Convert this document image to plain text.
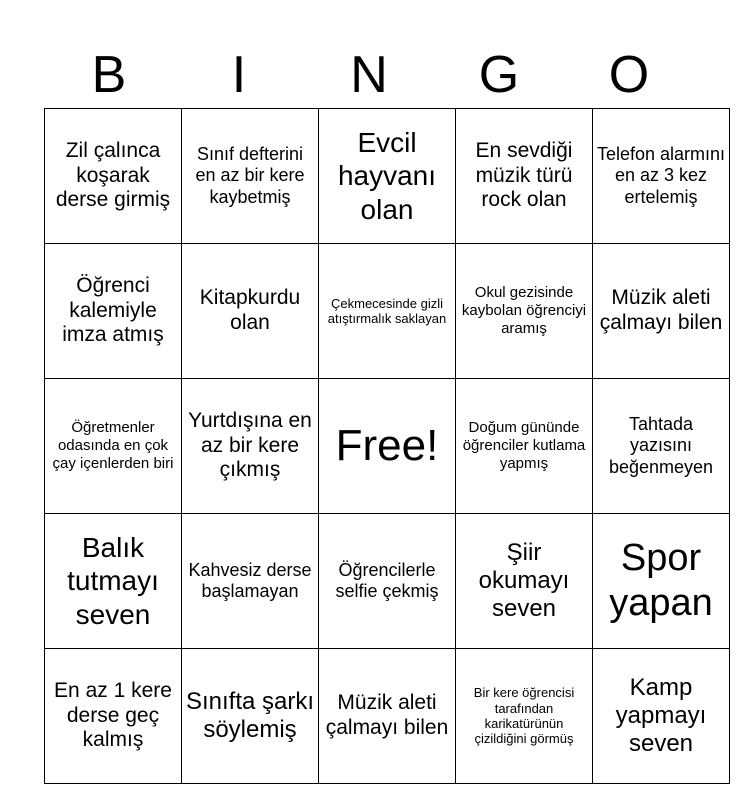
B	I	N	G	O
Zil çalınca koşarak derse girmiş	Sınıf defterini en az bir kere kaybetmiş	Evcil hayvanı olan	En sevdiği müzik türü rock olan	Telefon alarmını en az 3 kez ertelemiş
Öğrenci kalemiyle imza atmış	Kitapkurdu olan	Çekmecesinde gizli atıştırmalık saklayan	Okul gezisinde kaybolan öğrenciyi aramış	Müzik aleti çalmayı bilen
Öğretmenler odasında en çok çay içenlerden biri	Yurtdışına en az bir kere çıkmış	Free!	Doğum gününde öğrenciler kutlama yapmış	Tahtada yazısını beğenmeyen
Balık tutmayı seven	Kahvesiz derse başlamayan	Öğrencilerle selfie çekmiş	Şiir okumayı seven	Spor yapan
En az 1 kere derse geç kalmış	Sınıfta şarkı söylemiş	Müzik aleti çalmayı bilen	Bir kere öğrencisi tarafından karikatürünün çizildiğini görmüş	Kamp yapmayı seven
